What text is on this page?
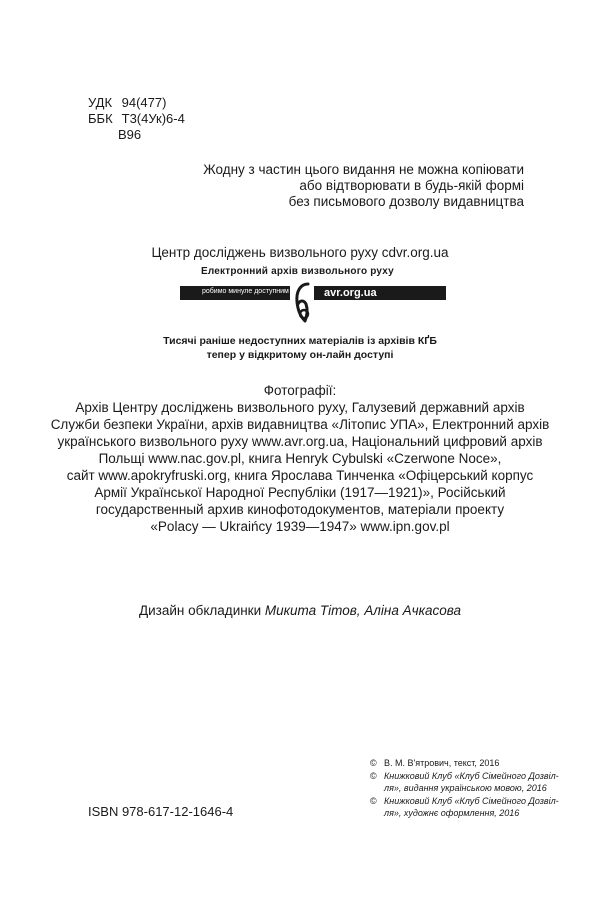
УДК 94(477)
ББК Т3(4Ук)6-4
В96
Жодну з частин цього видання не можна копіювати
або відтворювати в будь-якій формі
без письмового дозволу видавництва
Центр досліджень визвольного руху cdvr.org.ua
Електронний архів визвольного руху
робимо минуле доступним	avr.org.ua
Тисячі раніше недоступних матеріалів із архівів КҐБ
тепер у відкритому он-лайн доступі
Фотографії:
Архів Центру досліджень визвольного руху, Галузевий державний архів
Служби безпеки України, архів видавництва «Літопис УПА», Електронний архів
українського визвольного руху www.avr.org.ua, Національний цифровий архів
Польщі www.nac.gov.pl, книга Henryk Cybulski «Czerwone Noce»,
сайт www.apokryfruski.org, книга Ярослава Тинченка «Офіцерський корпус
Армії Української Народної Республіки (1917—1921)», Російський
государственный архив кинофотодокументов, матеріали проекту
«Polacy — Ukraińcy 1939—1947» www.ipn.gov.pl
Дизайн обкладинки Микита Тітов, Аліна Ачкасова
© В. М. В'ятрович, текст, 2016
© Книжковий Клуб «Клуб Сімейного Дозвіл-
ля», видання українською мовою, 2016
© Книжковий Клуб «Клуб Сімейного Дозвіл-
ля», художнє оформлення, 2016
ISBN 978-617-12-1646-4
